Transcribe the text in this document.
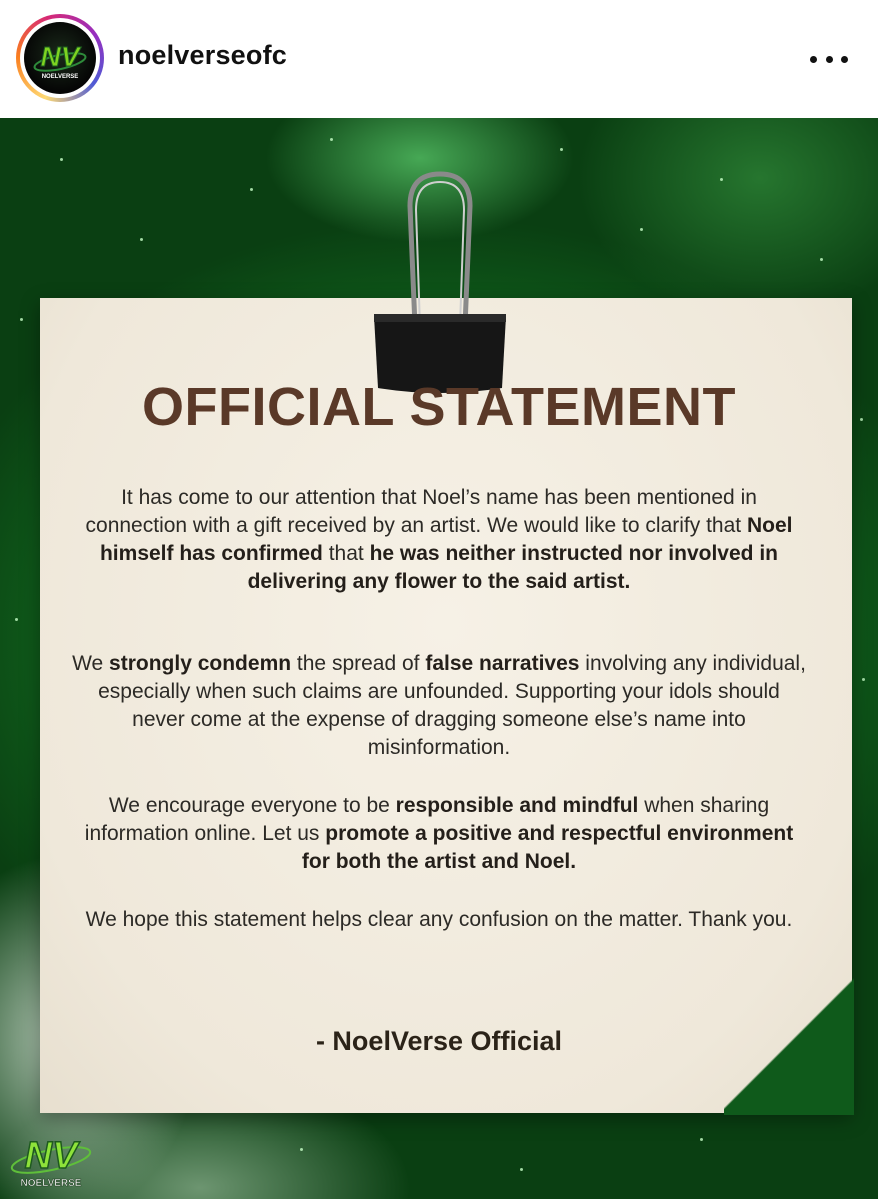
NV
NOELVERSE
noelverseofc
OFFICIAL STATEMENT
It has come to our attention that Noel’s name has been mentioned in connection with a gift received by an artist. We would like to clarify that Noel himself has confirmed that he was neither instructed nor involved in delivering any flower to the said artist.
We strongly condemn the spread of false narratives involving any individual, especially when such claims are unfounded. Supporting your idols should never come at the expense of dragging someone else’s name into misinformation.
We encourage everyone to be responsible and mindful when sharing information online. Let us promote a positive and respectful environment for both the artist and Noel.
We hope this statement helps clear any confusion on the matter. Thank you.
- NoelVerse Official
NV
NOELVERSE
